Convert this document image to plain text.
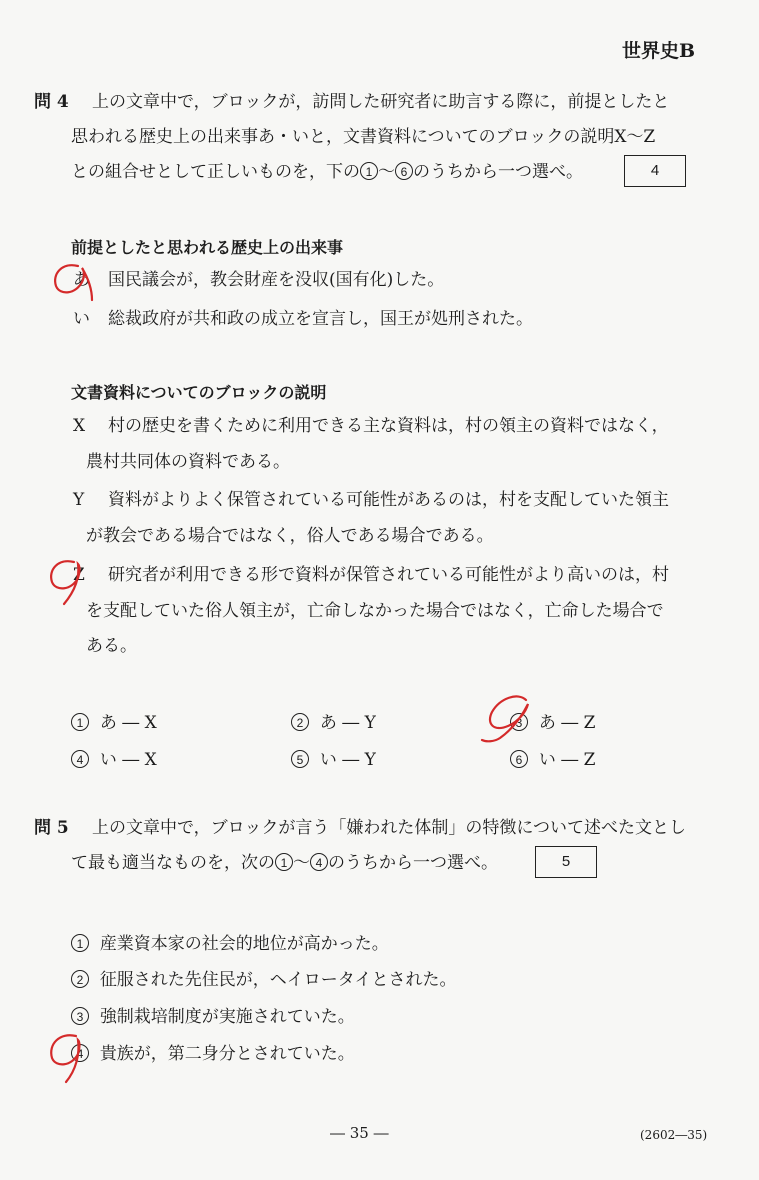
世界史B
問 4 上の文章中で，ブロックが，訪問した研究者に助言する際に，前提としたと
思われる歴史上の出来事あ・いと，文書資料についてのブロックの説明X～Z
との組合せとして正しいものを，下の 1 ～ 6 のうちから一つ選べ。	4
前提としたと思われる歴史上の出来事
あ 国民議会が，教会財産を没収(国有化)した。
い 総裁政府が共和政の成立を宣言し，国王が処刑された。
文書資料についてのブロックの説明
X 村の歴史を書くために利用できる主な資料は，村の領主の資料ではなく，
農村共同体の資料である。
Y 資料がよりよく保管されている可能性があるのは，村を支配していた領主
が教会である場合ではなく，俗人である場合である。
Z 研究者が利用できる形で資料が保管されている可能性がより高いのは，村
を支配していた俗人領主が，亡命しなかった場合ではなく，亡命した場合で
ある。
1 あ ― X	2 あ ― Y	3 あ ― Z
4 い ― X	5 い ― Y	6 い ― Z
問 5 上の文章中で，ブロックが言う「嫌われた体制」の特徴について述べた文とし
て最も適当なものを，次の 1 ～ 4 のうちから一つ選べ。	5
1 産業資本家の社会的地位が高かった。
2 征服された先住民が，ヘイロータイとされた。
3 強制栽培制度が実施されていた。
4 貴族が，第二身分とされていた。
― 35 ―	(2602―35)
